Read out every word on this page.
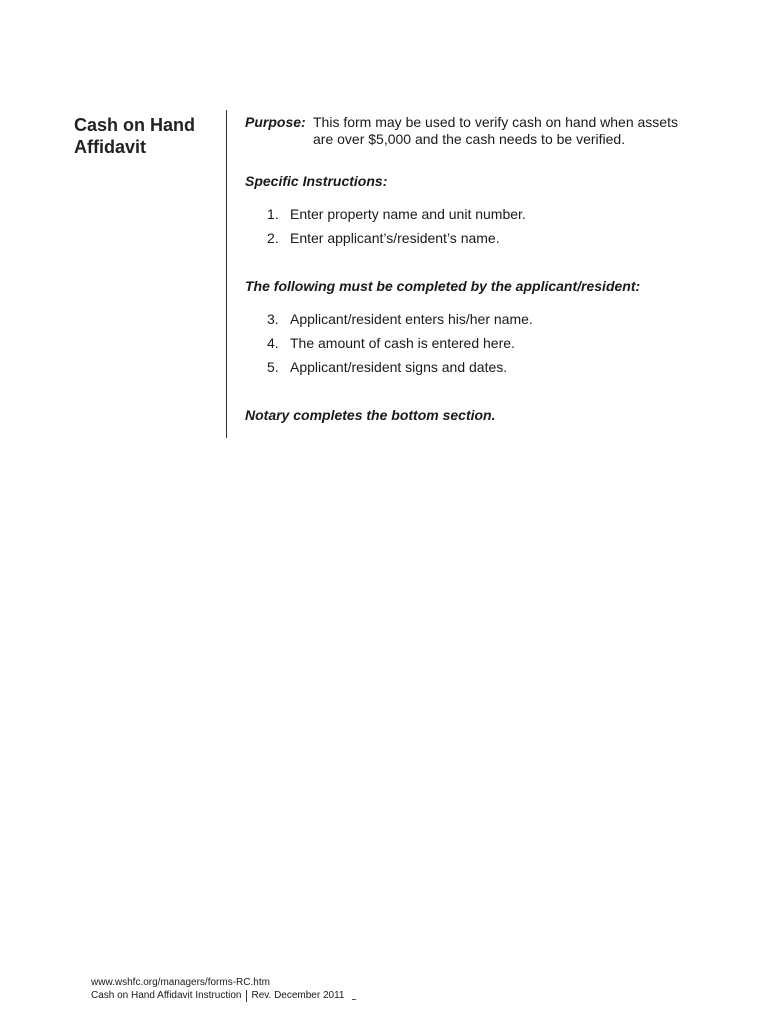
Cash on Hand
Affidavit
Purpose: This form may be used to verify cash on hand when assets
are over $5,000 and the cash needs to be verified.

Specific Instructions:

1. Enter property name and unit number.
2. Enter applicant’s/resident’s name.

The following must be completed by the applicant/resident:

3. Applicant/resident enters his/her name.
4. The amount of cash is entered here.
5. Applicant/resident signs and dates.

Notary completes the bottom section.

www.wshfc.org/managers/forms-RC.htm
Cash on Hand Affidavit Instruction Rev. December 2011
